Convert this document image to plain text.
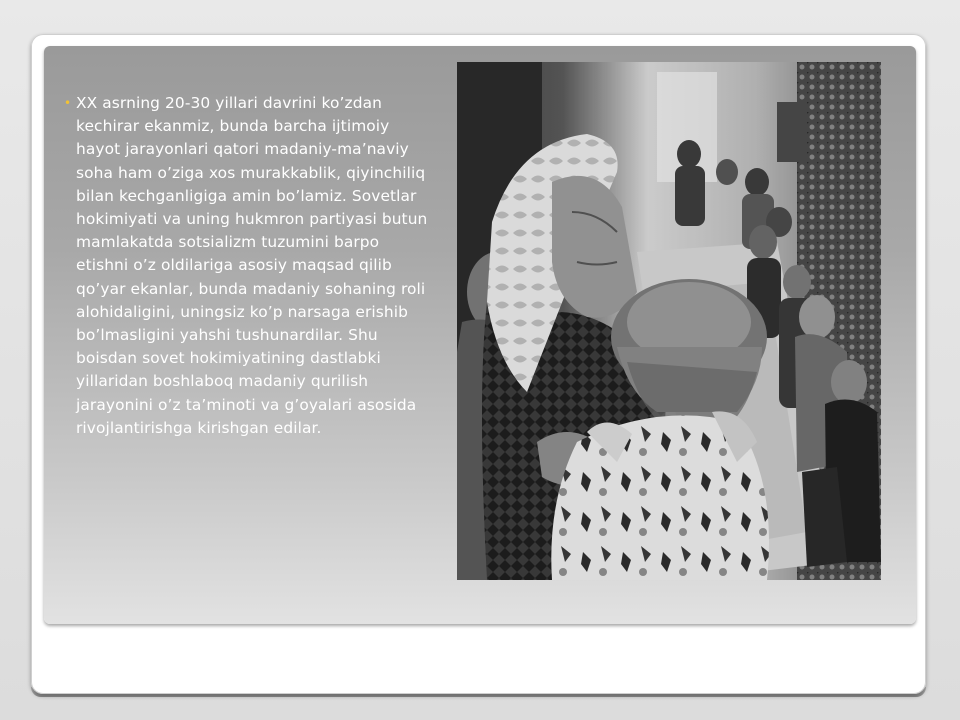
• XX asrning 20-30 yillari davrini ko’zdan kechirar ekanmiz, bunda barcha ijtimoiy hayot jarayonlari qatori madaniy-ma’naviy soha ham o’ziga xos murakkablik, qiyinchiliq bilan kechganligiga amin bo’lamiz. Sovetlar hokimiyati va uning hukmron partiyasi butun mamlakatda sotsializm tuzumini barpo etishni o’z oldilariga asosiy maqsad qilib qo’yar ekanlar, bunda madaniy sohaning roli alohidaligini, uningsiz ko’p narsaga erishib bo’lmasligini yahshi tushunardilar. Shu boisdan sovet hokimiyatining dastlabki yillaridan boshlaboq madaniy qurilish jarayonini o’z ta’minoti va g’oyalari asosida rivojlantirishga kirishgan edilar.
